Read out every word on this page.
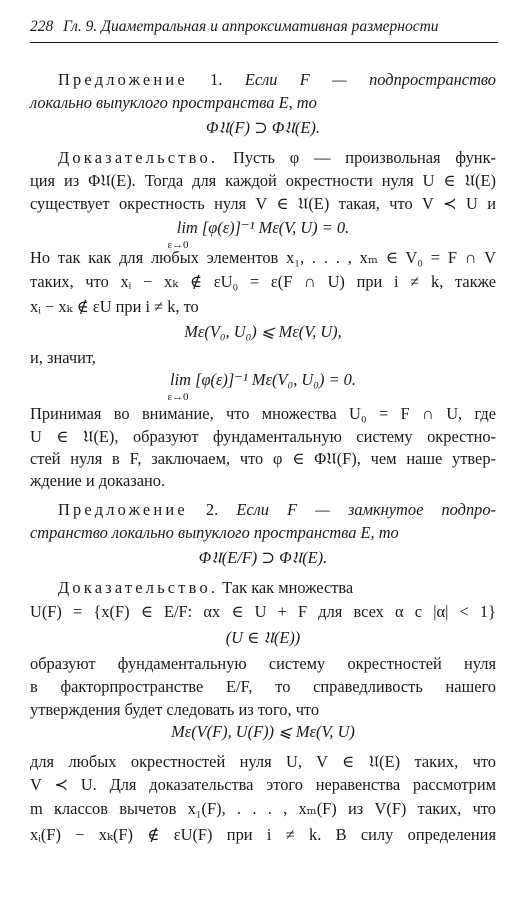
228 Гл. 9. Диаметральная и аппроксимативная размерности
Предложение 1. Если F — подпространство
локально выпуклого пространства E, то
Φ𝔘(F) ⊃ Φ𝔘(E).
Доказательство. Пусть φ — произвольная функ-
ция из Φ𝔘(E). Тогда для каждой окрестности нуля U ∈ 𝔘(E)
существует окрестность нуля V ∈ 𝔘(E) такая, что V ≺ U и
lim [φ(ε)]⁻¹ Mε(V, U) = 0.
ε→0
Но так как для любых элементов x₁, . . . , xₘ ∈ V₀ = F ∩ V
таких, что xᵢ − xₖ ∉ εU₀ = ε(F ∩ U) при i ≠ k, также
xᵢ − xₖ ∉ εU при i ≠ k, то
Mε(V₀, U₀) ⩽ Mε(V, U),
и, значит,
lim [φ(ε)]⁻¹ Mε(V₀, U₀) = 0.
ε→0
Принимая во внимание, что множества U₀ = F ∩ U, где
U ∈ 𝔘(E), образуют фундаментальную систему окрестно-
стей нуля в F, заключаем, что φ ∈ Φ𝔘(F), чем наше утвер-
ждение и доказано.
Предложение 2. Если F — замкнутое подпро-
странство локально выпуклого пространства E, то
Φ𝔘(E/F) ⊃ Φ𝔘(E).
Доказательство. Так как множества
U(F) = {x(F) ∈ E/F: αx ∈ U + F для всех α с |α| < 1}
(U ∈ 𝔘(E))
образуют фундаментальную систему окрестностей нуля
в факторпространстве E/F, то справедливость нашего
утверждения будет следовать из того, что
Mε(V(F), U(F)) ⩽ Mε(V, U)
для любых окрестностей нуля U, V ∈ 𝔘(E) таких, что
V ≺ U. Для доказательства этого неравенства рассмотрим
m классов вычетов x₁(F), . . . , xₘ(F) из V(F) таких, что
xᵢ(F) − xₖ(F) ∉ εU(F) при i ≠ k. В силу определения
